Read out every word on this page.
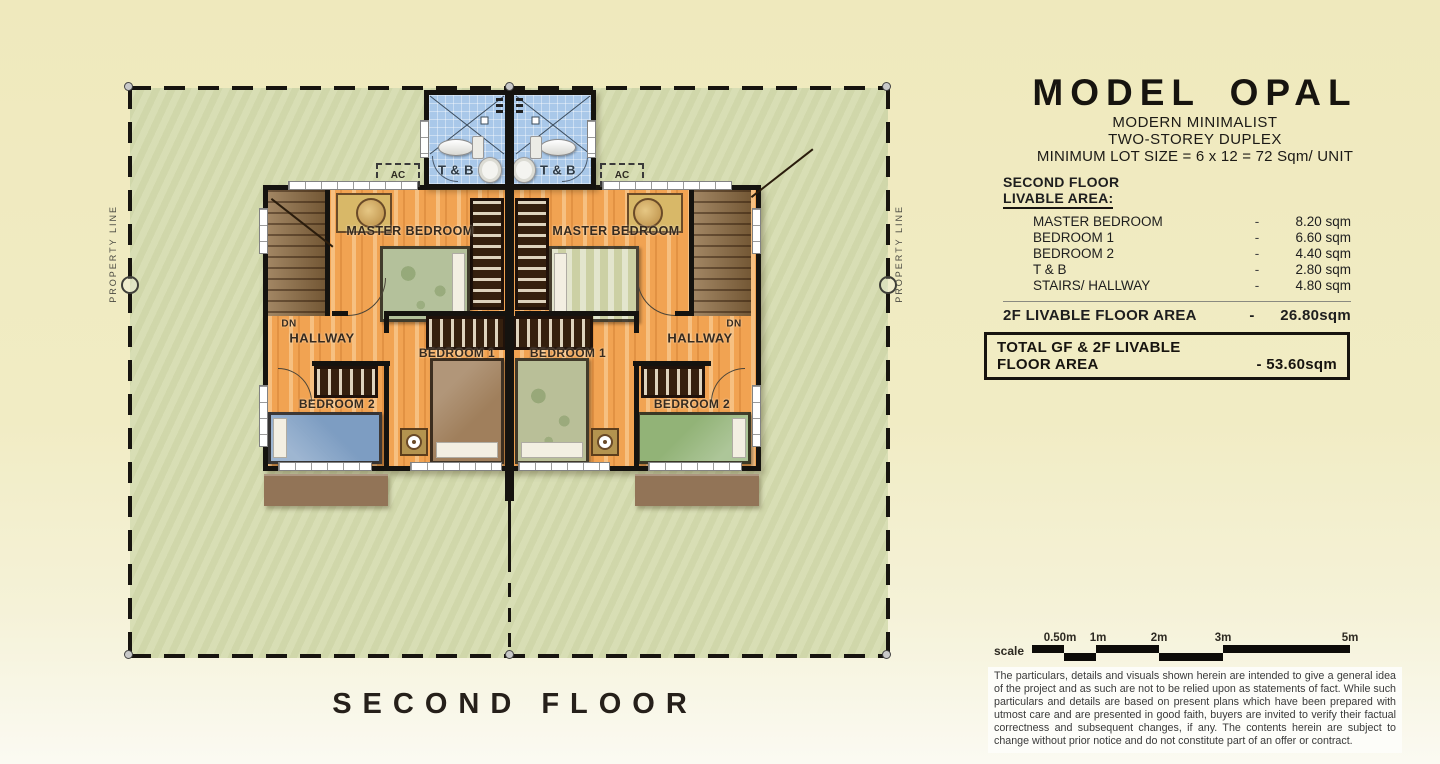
PROPERTY LINE	PROPERTY LINE
AC	AC
MASTER BEDROOM	MASTER BEDROOM
T & B	T & B
DN	DN
HALLWAY	HALLWAY
BEDROOM 1	BEDROOM 1
BEDROOM 2	BEDROOM 2
SECOND FLOOR
MODEL OPAL
MODERN MINIMALIST
TWO-STOREY DUPLEX
MINIMUM LOT SIZE = 6 x 12 = 72 Sqm/ UNIT
SECOND FLOOR
LIVABLE AREA:
MASTER BEDROOM	-	8.20 sqm
BEDROOM 1	-	6.60 sqm
BEDROOM 2	-	4.40 sqm
T & B	-	2.80 sqm
STAIRS/ HALLWAY	-	4.80 sqm
2F LIVABLE FLOOR AREA	-	26.80sqm
TOTAL GF & 2F LIVABLE
FLOOR AREA	- 53.60sqm
scale
0.50m 1m	2m	3m	5m
The particulars, details and visuals shown herein are intended to give a general idea of the project and as such are not to be relied upon as statements of fact. While such particulars and details are based on present plans which have been prepared with utmost care and are presented in good faith, buyers are invited to verify their factual correctness and subsequent changes, if any. The contents herein are subject to change without prior notice and do not constitute part of an offer or contract.
